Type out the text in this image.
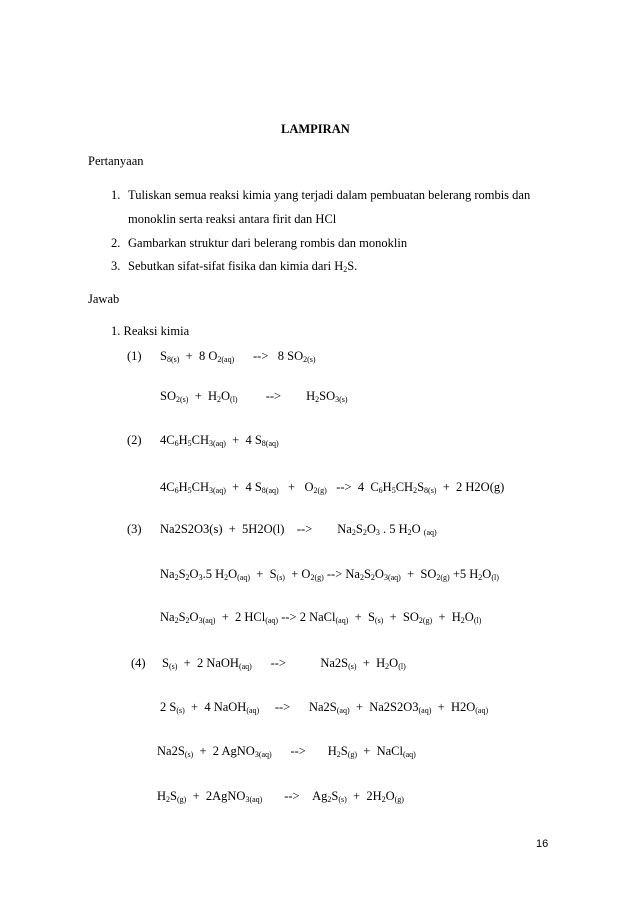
LAMPIRAN
Pertanyaan
1. Tuliskan semua reaksi kimia yang terjadi dalam pembuatan belerang rombis dan
monoklin serta reaksi antara firit dan HCl
2. Gambarkan struktur dari belerang rombis dan monoklin
3. Sebutkan sifat-sifat fisika dan kimia dari $H_2S$.
Jawab
1. Reaksi kimia
(1) $S_{8(s)} + 8$ $O_{2(aq)}$      -->   8 $SO_{2(s)}$
$SO_{2(s)} + H_2O_{(l)}$         -->        $H_2SO_{3(s)}$
(2) $4C_6H_5CH_{3(aq)} + 4$ $S_{8(aq)}$
$4C_6H_5CH_{3(aq)} + 4$ $S_{8(aq)} + O_{2(g)}$   -->  4  $C_6H_5CH_2S_{8(s)} + 2$ H2O(g)
(3) Na2S2O3(s)  +  5H2O(l)    -->        $Na_2S_2O_3$ . 5 $H_2O$ $_{(aq)}$
$Na_2S_2O_3.5$ $H_2O_{(aq)} + S_{(s)} + O_{2(g)}$ --> $Na_2S_2O_{3(aq)} + SO_{2(g)} +5$ $H_2O_{(l)}$
$Na_2S_2O_{3(aq)} + 2$ HCl$_{(aq)}$ --> 2 NaCl$_{(aq)}$  +  $S_{(s)} + SO_{2(g)} + H_2O_{(l)}$
(4) $S_{(s)} + 2$ NaOH$_{(aq)}$      -->           $Na2S_{(s)} + H_2O_{(l)}$
2 $S_{(s)} + 4$ NaOH$_{(aq)}$     -->      $Na2S_{(aq)} + Na2S2O3_{(aq)} + H2O_{(aq)}$
$Na2S_{(s)} + 2$ AgNO$_{3(aq)}$      -->       $H_2S_{(g)}$  +  NaCl$_{(aq)}$
$H_2S_{(g)}$  +  2AgNO$_{3(aq)}$       -->    $Ag_2S_{(s)} + 2H_2O_{(g)}$
16
